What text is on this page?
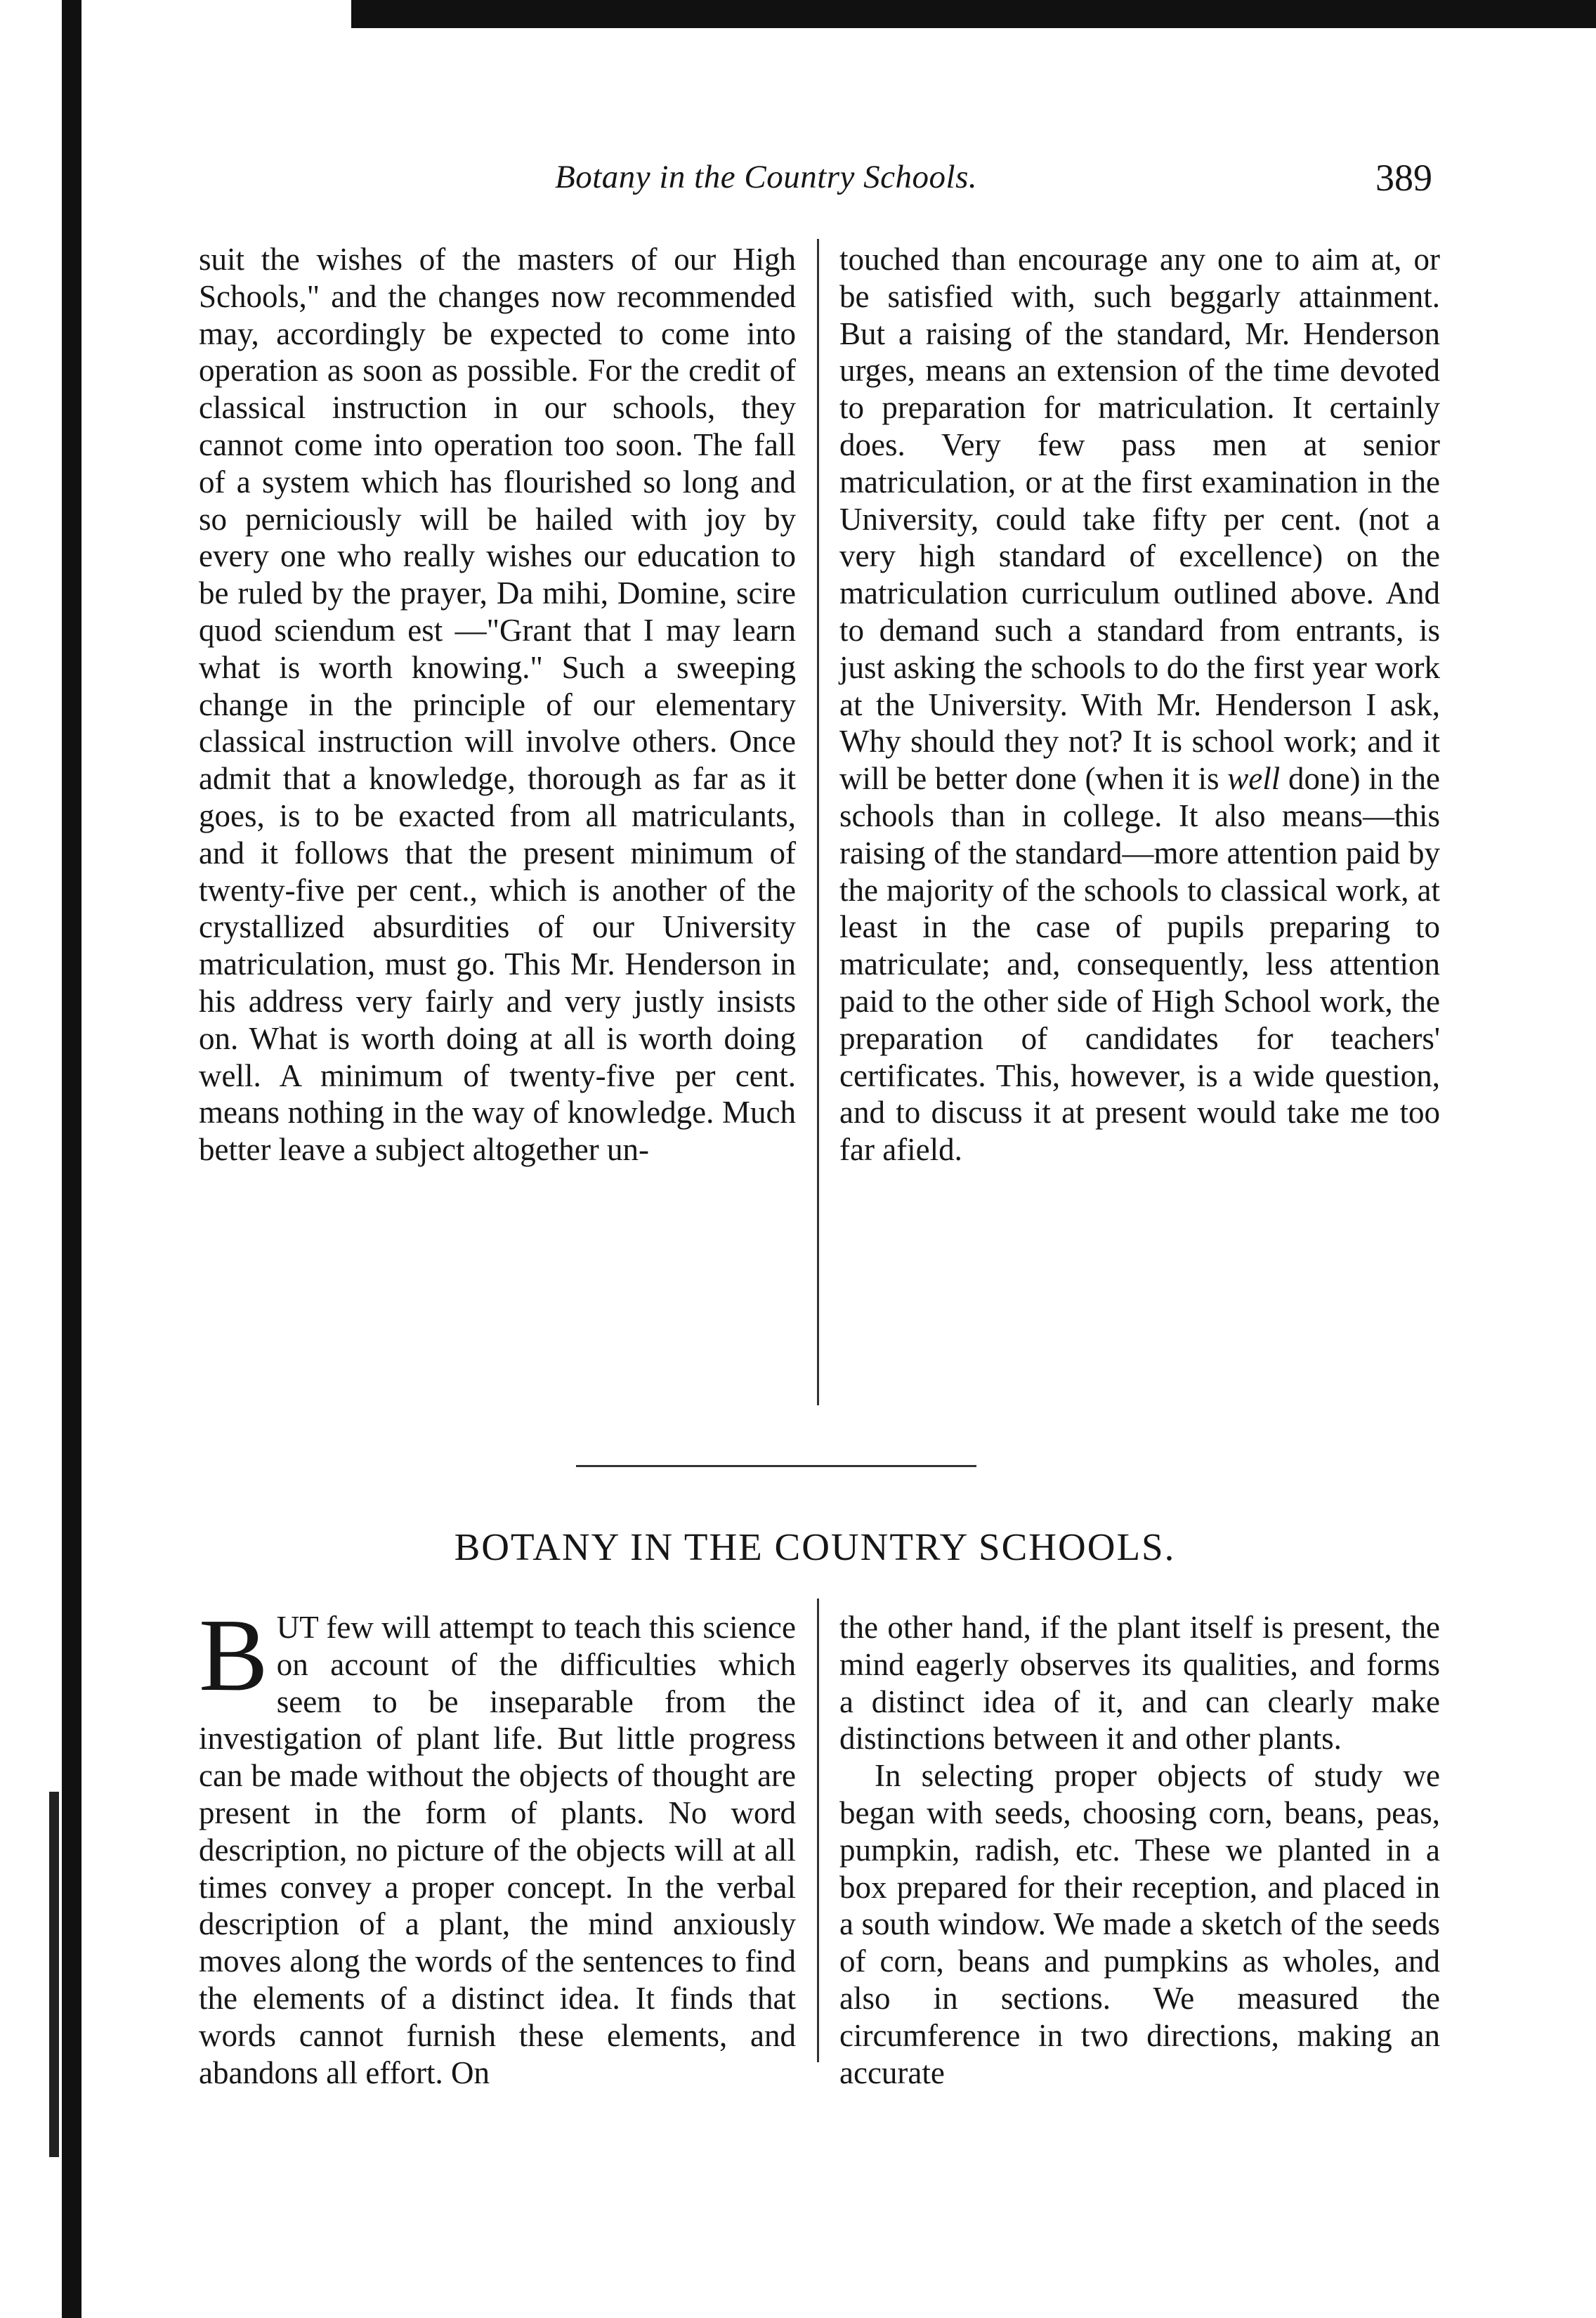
Botany in the Country Schools.	389

suit the wishes of the masters of our High Schools," and the changes now recommended may, accordingly be expected to come into operation as soon as possible. For the credit of classical instruction in our schools, they cannot come into operation too soon. The fall of a system which has flourished so long and so perniciously will be hailed with joy by every one who really wishes our education to be ruled by the prayer, Da mihi, Domine, scire quod sciendum est —"Grant that I may learn what is worth knowing." Such a sweeping change in the principle of our elementary classical instruction will involve others. Once admit that a knowledge, thorough as far as it goes, is to be exacted from all matriculants, and it follows that the present minimum of twenty-five per cent., which is another of the crystallized absurdities of our University matriculation, must go. This Mr. Henderson in his address very fairly and very justly insists on. What is worth doing at all is worth doing well. A minimum of twenty-five per cent. means nothing in the way of knowledge. Much better leave a subject altogether un-

touched than encourage any one to aim at, or be satisfied with, such beggarly attainment. But a raising of the standard, Mr. Henderson urges, means an extension of the time devoted to preparation for matriculation. It certainly does. Very few pass men at senior matriculation, or at the first examination in the University, could take fifty per cent. (not a very high standard of excellence) on the matriculation curriculum outlined above. And to demand such a standard from entrants, is just asking the schools to do the first year work at the University. With Mr. Henderson I ask, Why should they not? It is school work; and it will be better done (when it is well done) in the schools than in college. It also means—this raising of the standard—more attention paid by the majority of the schools to classical work, at least in the case of pupils preparing to matriculate; and, consequently, less attention paid to the other side of High School work, the preparation of candidates for teachers' certificates. This, however, is a wide question, and to discuss it at present would take me too far afield.

BOTANY IN THE COUNTRY SCHOOLS.

BUT few will attempt to teach this science on account of the difficulties which seem to be inseparable from the investigation of plant life. But little progress can be made without the objects of thought are present in the form of plants. No word description, no picture of the objects will at all times convey a proper concept. In the verbal description of a plant, the mind anxiously moves along the words of the sentences to find the elements of a distinct idea. It finds that words cannot furnish these elements, and abandons all effort. On

the other hand, if the plant itself is present, the mind eagerly observes its qualities, and forms a distinct idea of it, and can clearly make distinctions between it and other plants.

In selecting proper objects of study we began with seeds, choosing corn, beans, peas, pumpkin, radish, etc. These we planted in a box prepared for their reception, and placed in a south window. We made a sketch of the seeds of corn, beans and pumpkins as wholes, and also in sections. We measured the circumference in two directions, making an accurate
